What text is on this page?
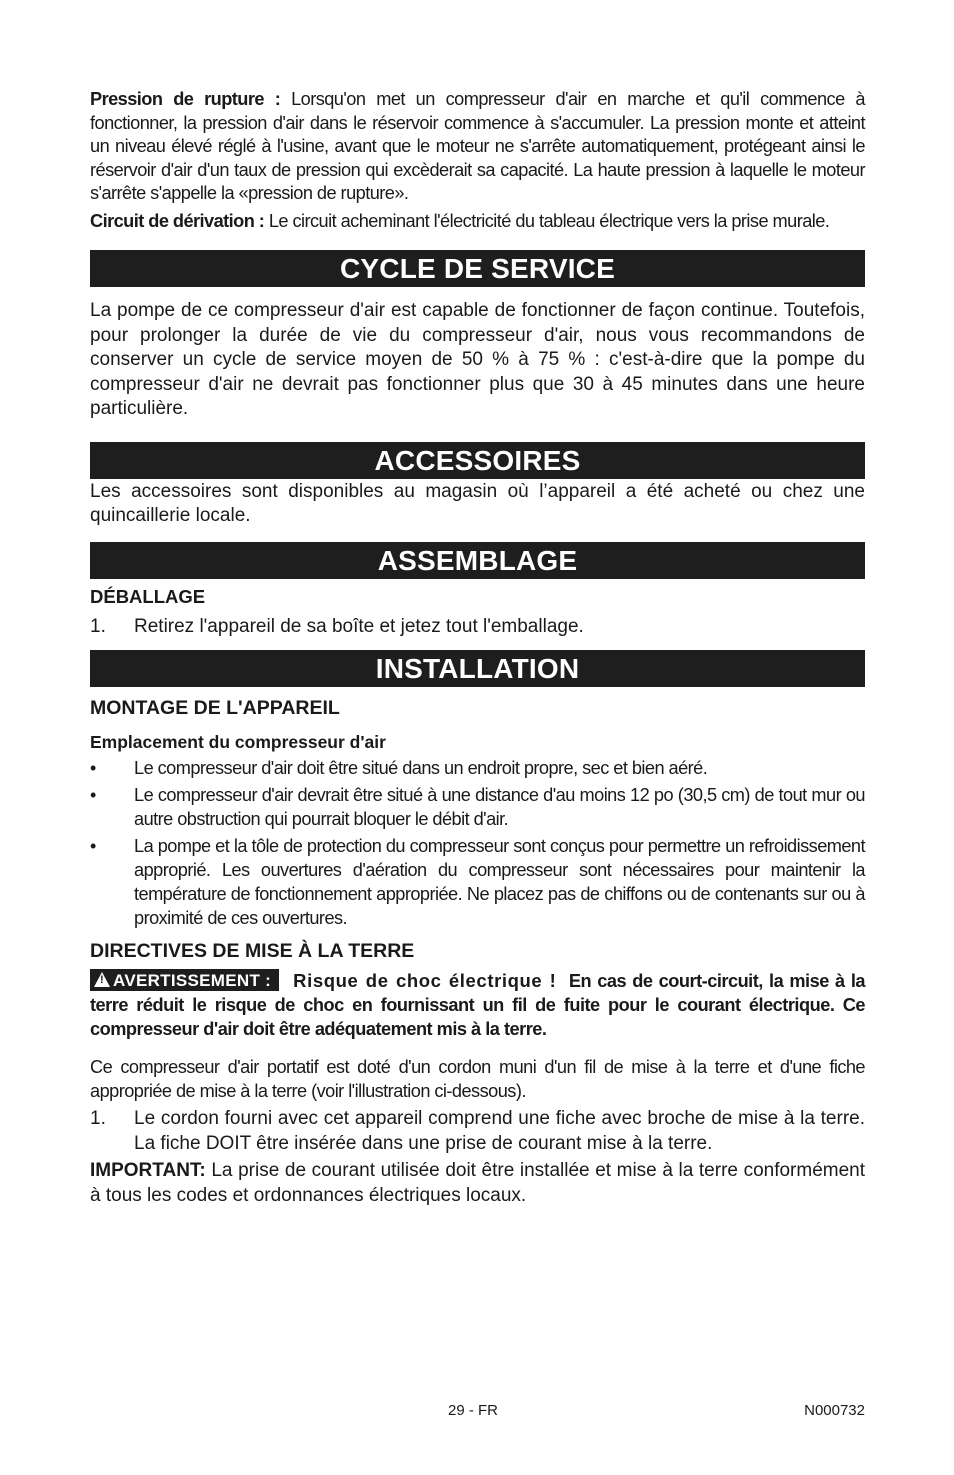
Pression de rupture : Lorsqu'on met un compresseur d'air en marche et qu'il commence à fonctionner, la pression d'air dans le réservoir commence à s'accumuler. La pression monte et atteint un niveau élevé réglé à l'usine, avant que le moteur ne s'arrête automatiquement, protégeant ainsi le réservoir d'air d'un taux de pression qui excèderait sa capacité. La haute pression à laquelle le moteur s'arrête s'appelle la «pression de rupture».

Circuit de dérivation : Le circuit acheminant l'électricité du tableau électrique vers la prise murale.

CYCLE DE SERVICE

La pompe de ce compresseur d'air est capable de fonctionner de façon continue. Toutefois, pour prolonger la durée de vie du compresseur d'air, nous vous recommandons de conserver un cycle de service moyen de 50 % à 75 % : c'est-à-dire que la pompe du compresseur d'air ne devrait pas fonctionner plus que 30 à 45 minutes dans une heure particulière.

ACCESSOIRES

Les accessoires sont disponibles au magasin où l’appareil a été acheté ou chez une quincaillerie locale.

ASSEMBLAGE
DÉBALLAGE
1. Retirez l'appareil de sa boîte et jetez tout l'emballage.
INSTALLATION
MONTAGE DE L'APPAREIL
Emplacement du compresseur d'air
• Le compresseur d'air doit être situé dans un endroit propre, sec et bien aéré.
• Le compresseur d'air devrait être situé à une distance d'au moins 12 po (30,5 cm) de tout mur ou autre obstruction qui pourrait bloquer le débit d'air.
• La pompe et la tôle de protection du compresseur sont conçus pour permettre un refroidissement approprié. Les ouvertures d'aération du compresseur sont nécessaires pour maintenir la température de fonctionnement appropriée. Ne placez pas de chiffons ou de contenants sur ou à proximité de ces ouvertures.
DIRECTIVES DE MISE À LA TERRE

! AVERTISSEMENT : Risque de choc électrique ! En cas de court-circuit, la mise à la terre réduit le risque de choc en fournissant un fil de fuite pour le courant électrique. Ce compresseur d'air doit être adéquatement mis à la terre.

Ce compresseur d'air portatif est doté d'un cordon muni d'un fil de mise à la terre et d'une fiche appropriée de mise à la terre (voir l'illustration ci-dessous).

1. Le cordon fourni avec cet appareil comprend une fiche avec broche de mise à la terre. La fiche DOIT être insérée dans une prise de courant mise à la terre.

IMPORTANT: La prise de courant utilisée doit être installée et mise à la terre conformément à tous les codes et ordonnances électriques locaux.

29 - FR	N000732
